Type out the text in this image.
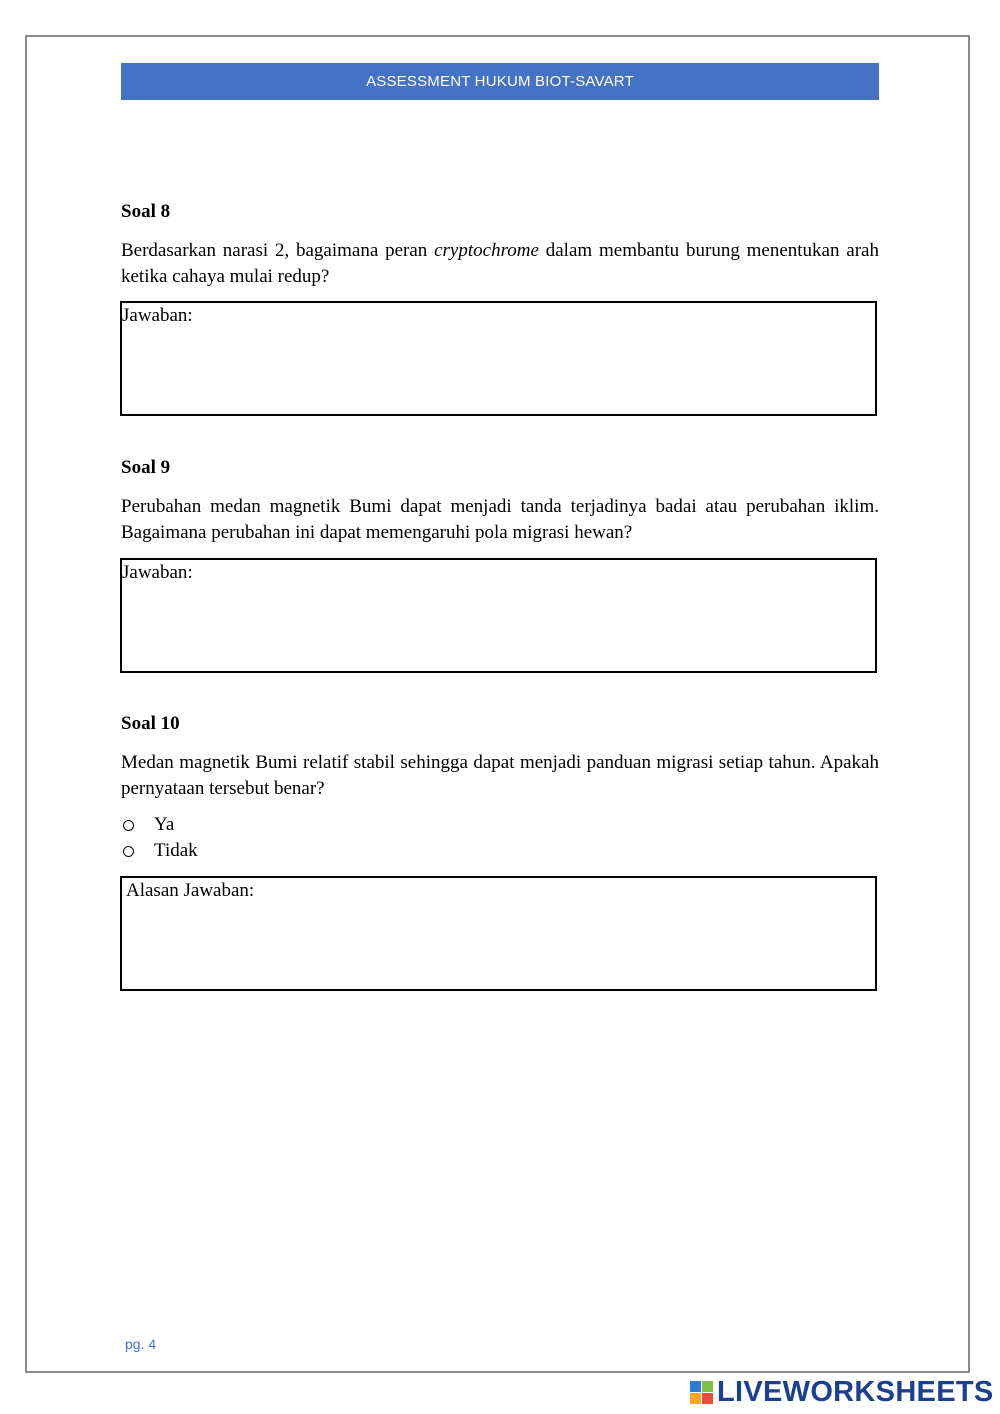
ASSESSMENT HUKUM BIOT-SAVART
Soal 8
Berdasarkan narasi 2, bagaimana peran cryptochrome dalam membantu burung menentukan arah ketika cahaya mulai redup?
Jawaban:
Soal 9
Perubahan medan magnetik Bumi dapat menjadi tanda terjadinya badai atau perubahan iklim. Bagaimana perubahan ini dapat memengaruhi pola migrasi hewan?
Jawaban:
Soal 10
Medan magnetik Bumi relatif stabil sehingga dapat menjadi panduan migrasi setiap tahun. Apakah pernyataan tersebut benar?
Ya
Tidak
Alasan Jawaban:
pg. 4
LIVEWORKSHEETS
